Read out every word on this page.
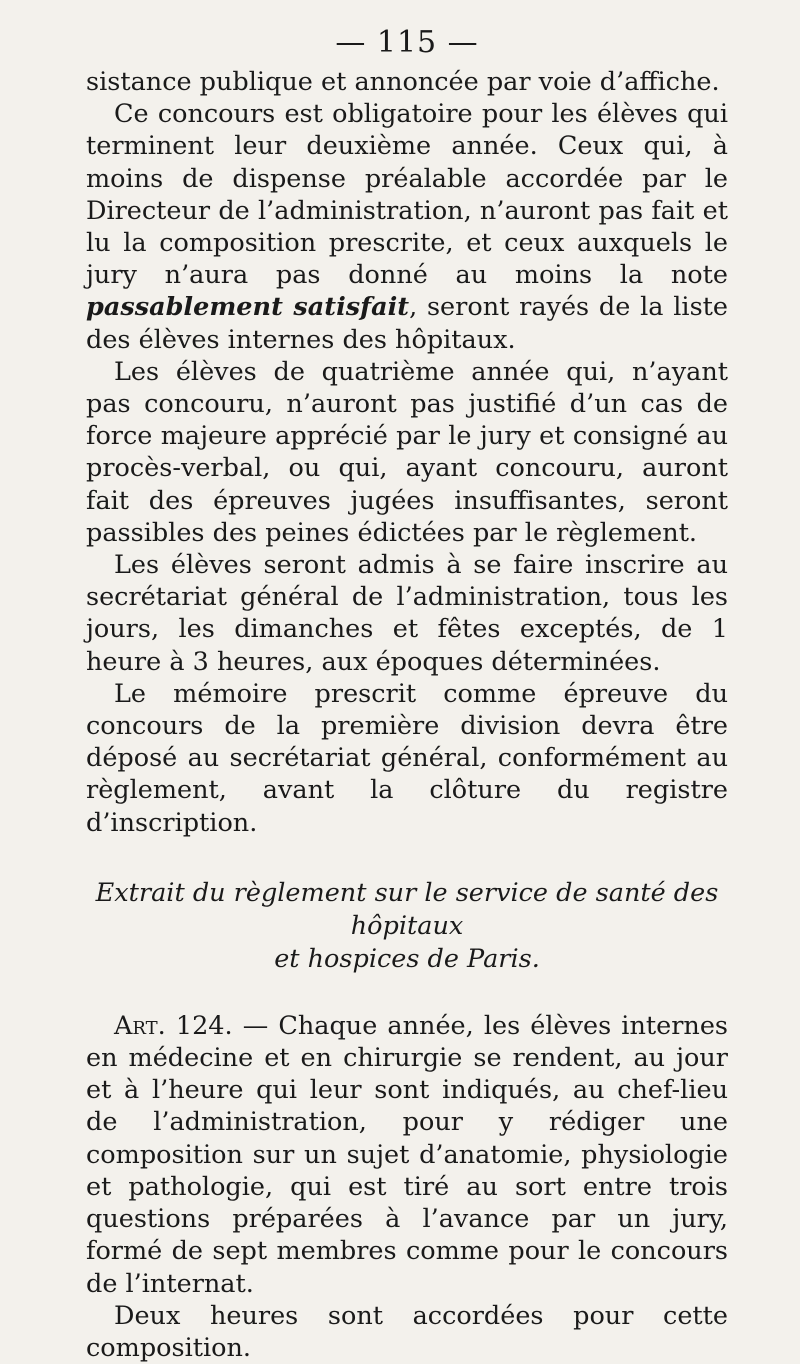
— 115 —

sistance publique et annoncée par voie d’affiche.

Ce concours est obligatoire pour les élèves qui terminent leur deuxième année. Ceux qui, à moins de dispense préalable accordée par le Directeur de l’administration, n’auront pas fait et lu la composition prescrite, et ceux auxquels le jury n’aura pas donné au moins la note passablement satisfait, seront rayés de la liste des élèves internes des hôpitaux.

Les élèves de quatrième année qui, n’ayant pas concouru, n’auront pas justifié d’un cas de force majeure apprécié par le jury et consigné au procès-verbal, ou qui, ayant concouru, auront fait des épreuves jugées insuffisantes, seront passibles des peines édictées par le règlement.

Les élèves seront admis à se faire inscrire au secrétariat général de l’administration, tous les jours, les dimanches et fêtes exceptés, de 1 heure à 3 heures, aux époques déterminées.

Le mémoire prescrit comme épreuve du concours de la première division devra être déposé au secrétariat général, conformément au règlement, avant la clôture du registre d’inscription.

Extrait du règlement sur le service de santé des hôpitaux
et hospices de Paris.

Art. 124. — Chaque année, les élèves internes en médecine et en chirurgie se rendent, au jour et à l’heure qui leur sont indiqués, au chef-lieu de l’administration, pour y rédiger une composition sur un sujet d’anatomie, physiologie et pathologie, qui est tiré au sort entre trois questions préparées à l’avance par un jury, formé de sept membres comme pour le concours de l’internat.

Deux heures sont accordées pour cette composition.
